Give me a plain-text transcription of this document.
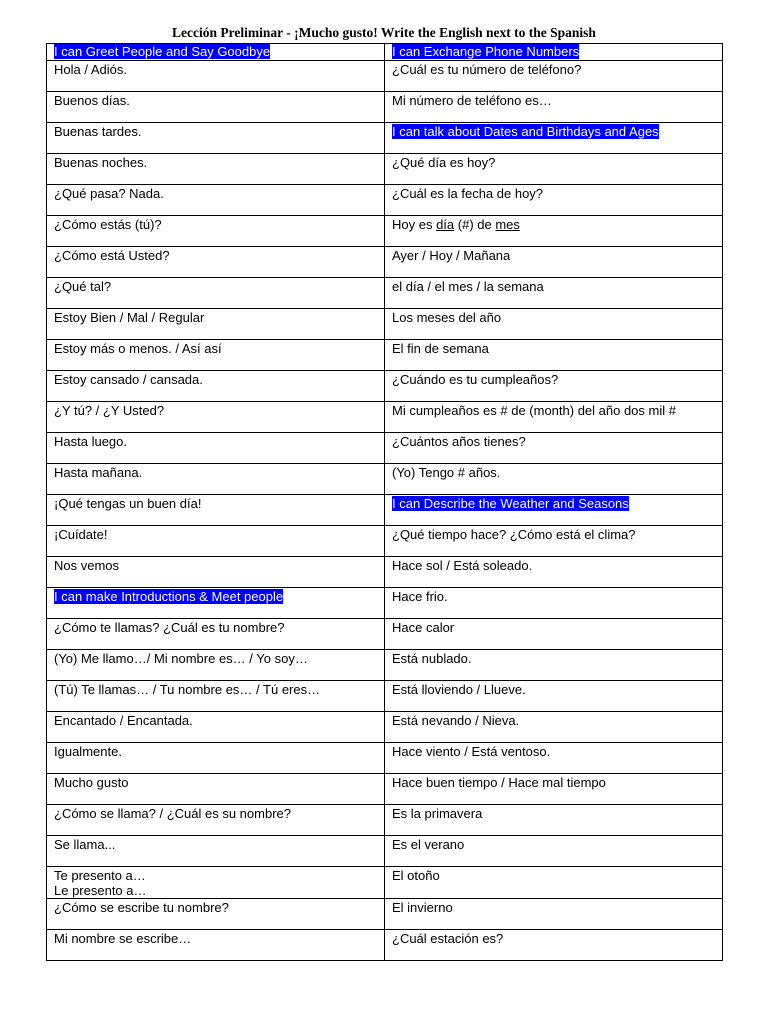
Lección Preliminar - ¡Mucho gusto! Write the English next to the Spanish
I can Greet People and Say Goodbye	I can Exchange Phone Numbers
Hola / Adiós.	¿Cuál es tu número de teléfono?
Buenos días.	Mi número de teléfono es…
Buenas tardes.	I can talk about Dates and Birthdays and Ages
Buenas noches.	¿Qué día es hoy?
¿Qué pasa? Nada.	¿Cuál es la fecha de hoy?
¿Cómo estás (tú)?	Hoy es día (#) de mes
¿Cómo está Usted?	Ayer / Hoy / Mañana
¿Qué tal?	el día / el mes / la semana
Estoy Bien / Mal / Regular	Los meses del año
Estoy más o menos. / Así así	El fin de semana
Estoy cansado / cansada.	¿Cuándo es tu cumpleaños?
¿Y tú? / ¿Y Usted?	Mi cumpleaños es # de (month) del año dos mil #
Hasta luego.	¿Cuántos años tienes?
Hasta mañana.	(Yo) Tengo # años.
¡Qué tengas un buen día!	I can Describe the Weather and Seasons
¡Cuídate!	¿Qué tiempo hace? ¿Cómo está el clima?
Nos vemos	Hace sol / Está soleado.
I can make Introductions & Meet people	Hace frio.
¿Cómo te llamas? ¿Cuál es tu nombre?	Hace calor
(Yo) Me llamo…/ Mi nombre es… / Yo soy…	Está nublado.
(Tú) Te llamas… / Tu nombre es… / Tú eres…	Está lloviendo / Llueve.
Encantado / Encantada.	Está nevando / Nieva.
Igualmente.	Hace viento / Está ventoso.
Mucho gusto	Hace buen tiempo / Hace mal tiempo
¿Cómo se llama? / ¿Cuál es su nombre?	Es la primavera
Se llama...	Es el verano

Te presento a…
Le presento a…	El otoño
¿Cómo se escribe tu nombre?	El invierno
Mi nombre se escribe…	¿Cuál estación es?
